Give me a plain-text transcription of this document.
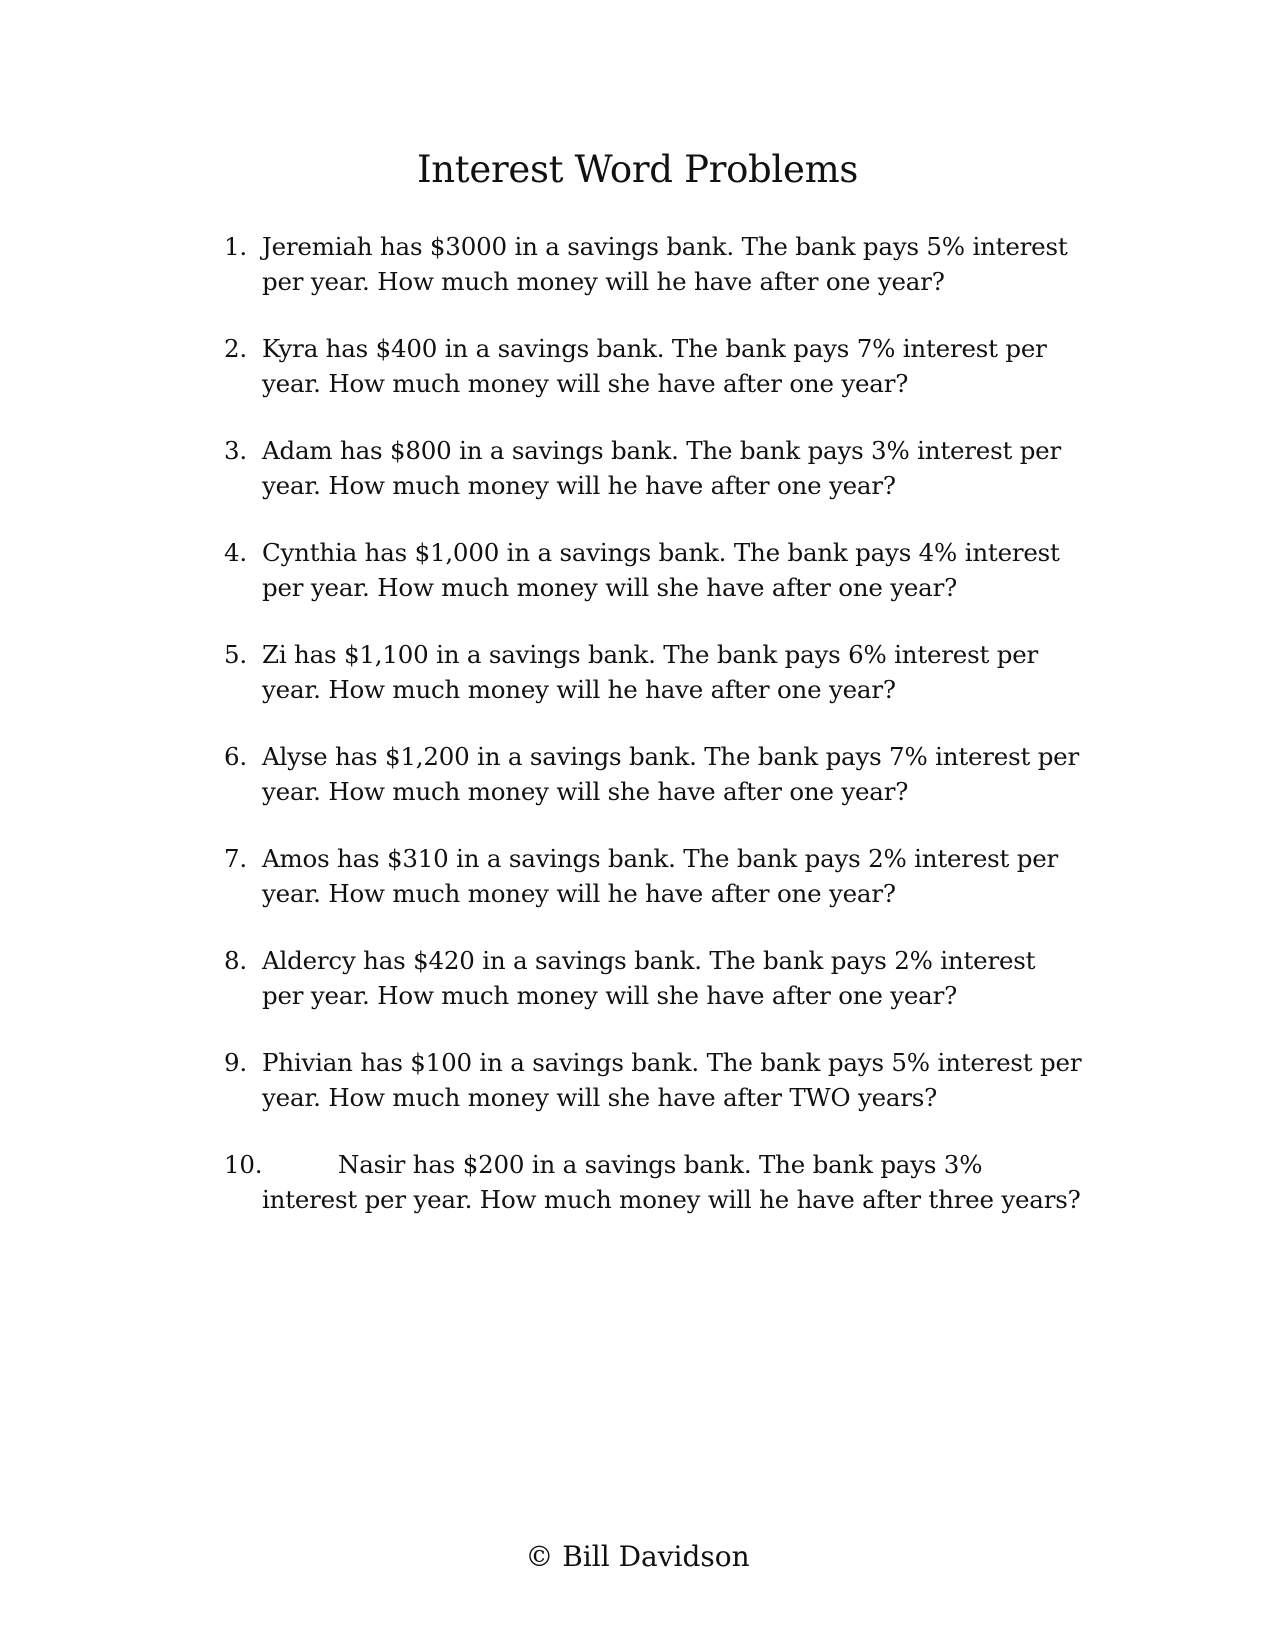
Interest Word Problems
1. Jeremiah has $3000 in a savings bank. The bank pays 5% interest per year. How much money will he have after one year?
2. Kyra has $400 in a savings bank. The bank pays 7% interest per year. How much money will she have after one year?
3. Adam has $800 in a savings bank. The bank pays 3% interest per year. How much money will he have after one year?
4. Cynthia has $1,000 in a savings bank. The bank pays 4% interest per year. How much money will she have after one year?
5. Zi has $1,100 in a savings bank. The bank pays 6% interest per year. How much money will he have after one year?
6. Alyse has $1,200 in a savings bank. The bank pays 7% interest per year. How much money will she have after one year?
7. Amos has $310 in a savings bank. The bank pays 2% interest per year. How much money will he have after one year?
8. Aldercy has $420 in a savings bank. The bank pays 2% interest per year. How much money will she have after one year?
9. Phivian has $100 in a savings bank. The bank pays 5% interest per year. How much money will she have after TWO years?
10.	Nasir has $200 in a savings bank. The bank pays 3% interest per year. How much money will he have after three years?
© Bill Davidson
